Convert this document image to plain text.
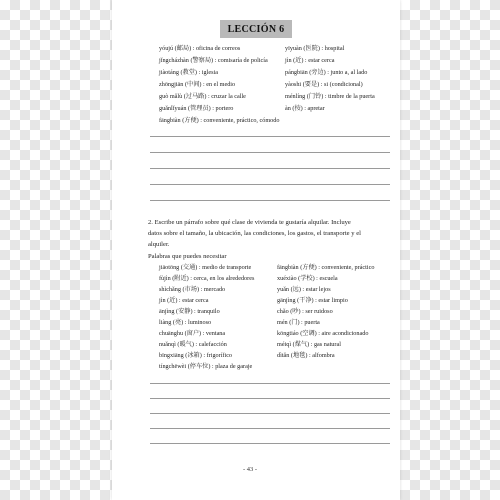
LECCIÓN 6
yóujú (邮局) : oficina de correos
jǐngcházhàn (警察局) : comisaría de policía
jiàotáng (教堂) : iglesia
zhōngjiān (中间) : en el medio
guò mǎlù (过马路) : cruzar la calle
guǎnlǐyuán (管理员) : portero
fāngbiàn (方便) : conveniente, práctico, cómodo
yīyuàn (医院) : hospital
jìn (近) : estar cerca
pángbiān (旁边) : junto a, al lado
yàoshi (要是) : si (condicional)
ménlíng (门铃) : timbre de la puerta
àn (按) : apretar
2. Escribe un párrafo sobre qué clase de vivienda te gustaría alquilar. Incluye
datos sobre el tamaño, la ubicación, las condiciones, los gastos, el transporte y el
alquiler.
Palabras que puedes necesitar
jiāotōng (交通) : medio de transporte
fùjìn (附近) : cerca, en los alrededores
shìchǎng (市场) : mercado
jìn (近) : estar cerca
ānjìng (安静) : tranquilo
liàng (亮) : luminoso
chuānghu (窗户) : ventana
nuǎnqì (暖气) : calefacción
bīngxiāng (冰箱) : frigorífico
tíngchēwèi (停车位) : plaza de garaje
fāngbiàn (方便) : conveniente, práctico
xuéxiào (学校) : escuela
yuǎn (远) : estar lejos
gānjìng (干净) : estar limpio
chǎo (吵) : ser ruidoso
mén (门) : puerta
kōngtiáo (空调) : aire acondicionado
méiqì (煤气) : gas natural
dìtǎn (地毯) : alfombra
- 43 -
